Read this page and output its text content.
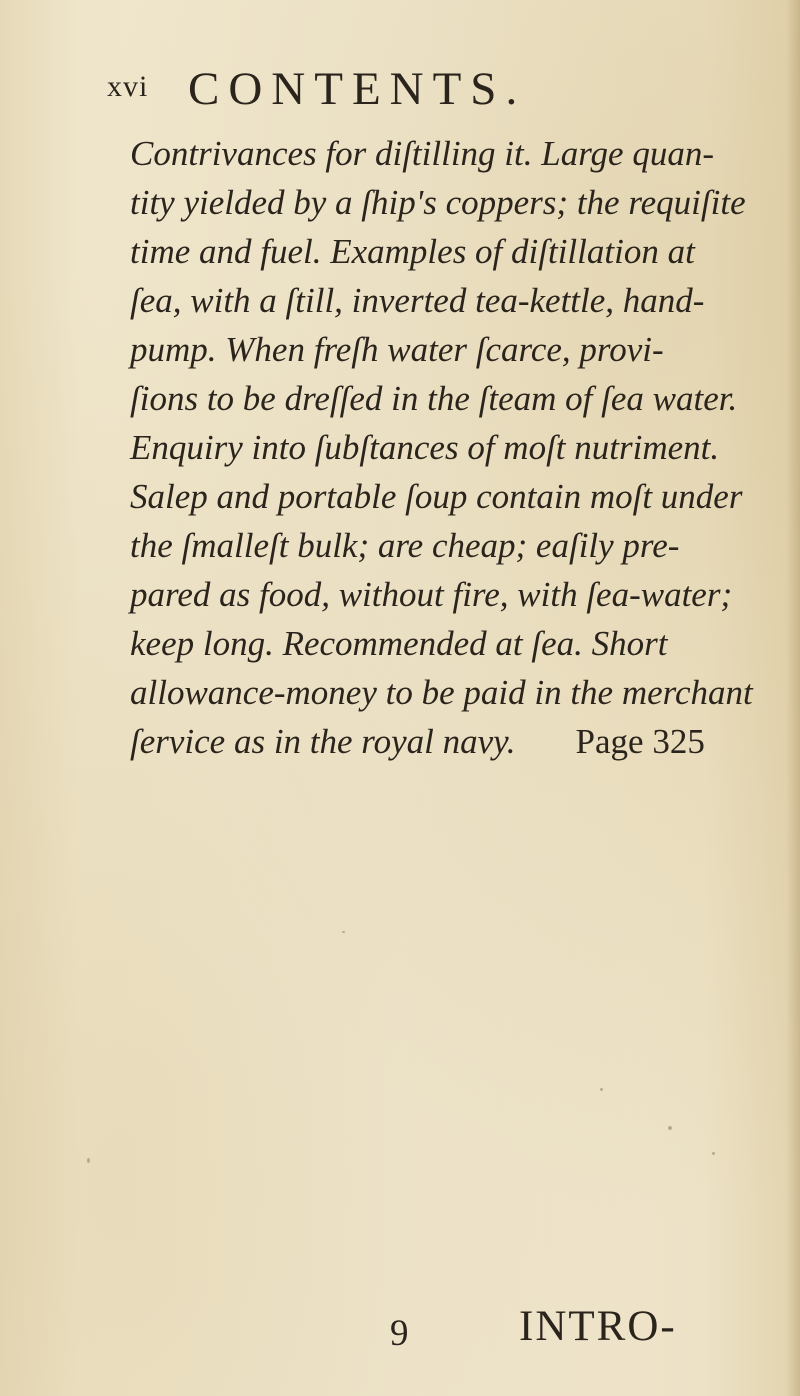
xvi CONTENTS.
Contrivances for diſtilling it. Large quan-
tity yielded by a ſhip's coppers; the requiſite
time and fuel. Examples of diſtillation at
ſea, with a ſtill, inverted tea-kettle, hand-
pump. When freſh water ſcarce, provi-
ſions to be dreſſed in the ſteam of ſea water.
Enquiry into ſubſtances of moſt nutriment.
Salep and portable ſoup contain moſt under
the ſmalleſt bulk; are cheap; eaſily pre-
pared as food, without fire, with ſea-water;
keep long. Recommended at ſea. Short
allowance-money to be paid in the merchant
ſervice as in the royal navy. Page 325
9	INTRO-
